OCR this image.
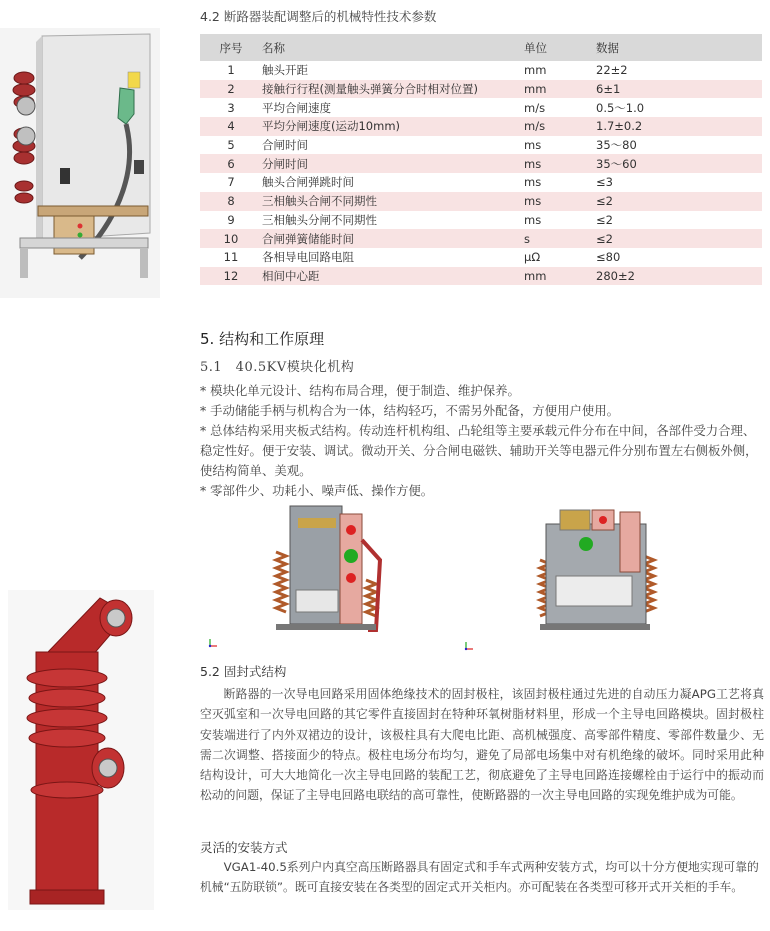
4.2 断路器装配调整后的机械特性技术参数
序号	名称	单位	数据
1	触头开距	mm	22±2
2	接触行行程(测量触头弹簧分合时相对位置)	mm	6±1
3	平均合闸速度	m/s	0.5～1.0
4	平均分闸速度(运动10mm)	m/s	1.7±0.2
5	合闸时间	ms	35～80
6	分闸时间	ms	35～60
7	触头合闸弹跳时间	ms	≤3
8	三相触头合闸不同期性	ms	≤2
9	三相触头分闸不同期性	ms	≤2
10	合闸弹簧储能时间	s	≤2
11	各相导电回路电阻	μΩ	≤80
12	相间中心距	mm	280±2
5. 结构和工作原理
5.1　40.5KV模块化机构

* 模块化单元设计、结构布局合理，便于制造、维护保养。

* 手动储能手柄与机构合为一体，结构轻巧，不需另外配备，方便用户使用。

* 总体结构采用夹板式结构。传动连杆机构组、凸轮组等主要承载元件分布在中间，各部件受力合理、稳定性好。便于安装、调试。微动开关、分合闸电磁铁、辅助开关等电器元件分别布置左右侧板外侧，使结构简单、美观。

* 零部件少、功耗小、噪声低、操作方便。

5.2 固封式结构
断路器的一次导电回路采用固体绝缘技术的固封极柱，该固封极柱通过先进的自动压力凝APG工艺将真空灭弧室和一次导电回路的其它零件直接固封在特种环氧树脂材料里，形成一个主导电回路模块。固封极柱安装端进行了内外双裙边的设计，该极柱具有大爬电比距、高机械强度、高零部件精度、零部件数量少、无需二次调整、搭接面少的特点。极柱电场分布均匀，避免了局部电场集中对有机绝缘的破坏。同时采用此种结构设计，可大大地简化一次主导电回路的装配工艺，彻底避免了主导电回路连接螺栓由于运行中的振动而松动的问题，保证了主导电回路电联结的高可靠性，使断路器的一次主导电回路的实现免维护成为可能。
灵活的安装方式
VGA1-40.5系列户内真空高压断路器具有固定式和手车式两种安装方式，均可以十分方便地实现可靠的机械“五防联锁”。既可直接安装在各类型的固定式开关柜内。亦可配装在各类型可移开式开关柜的手车。
